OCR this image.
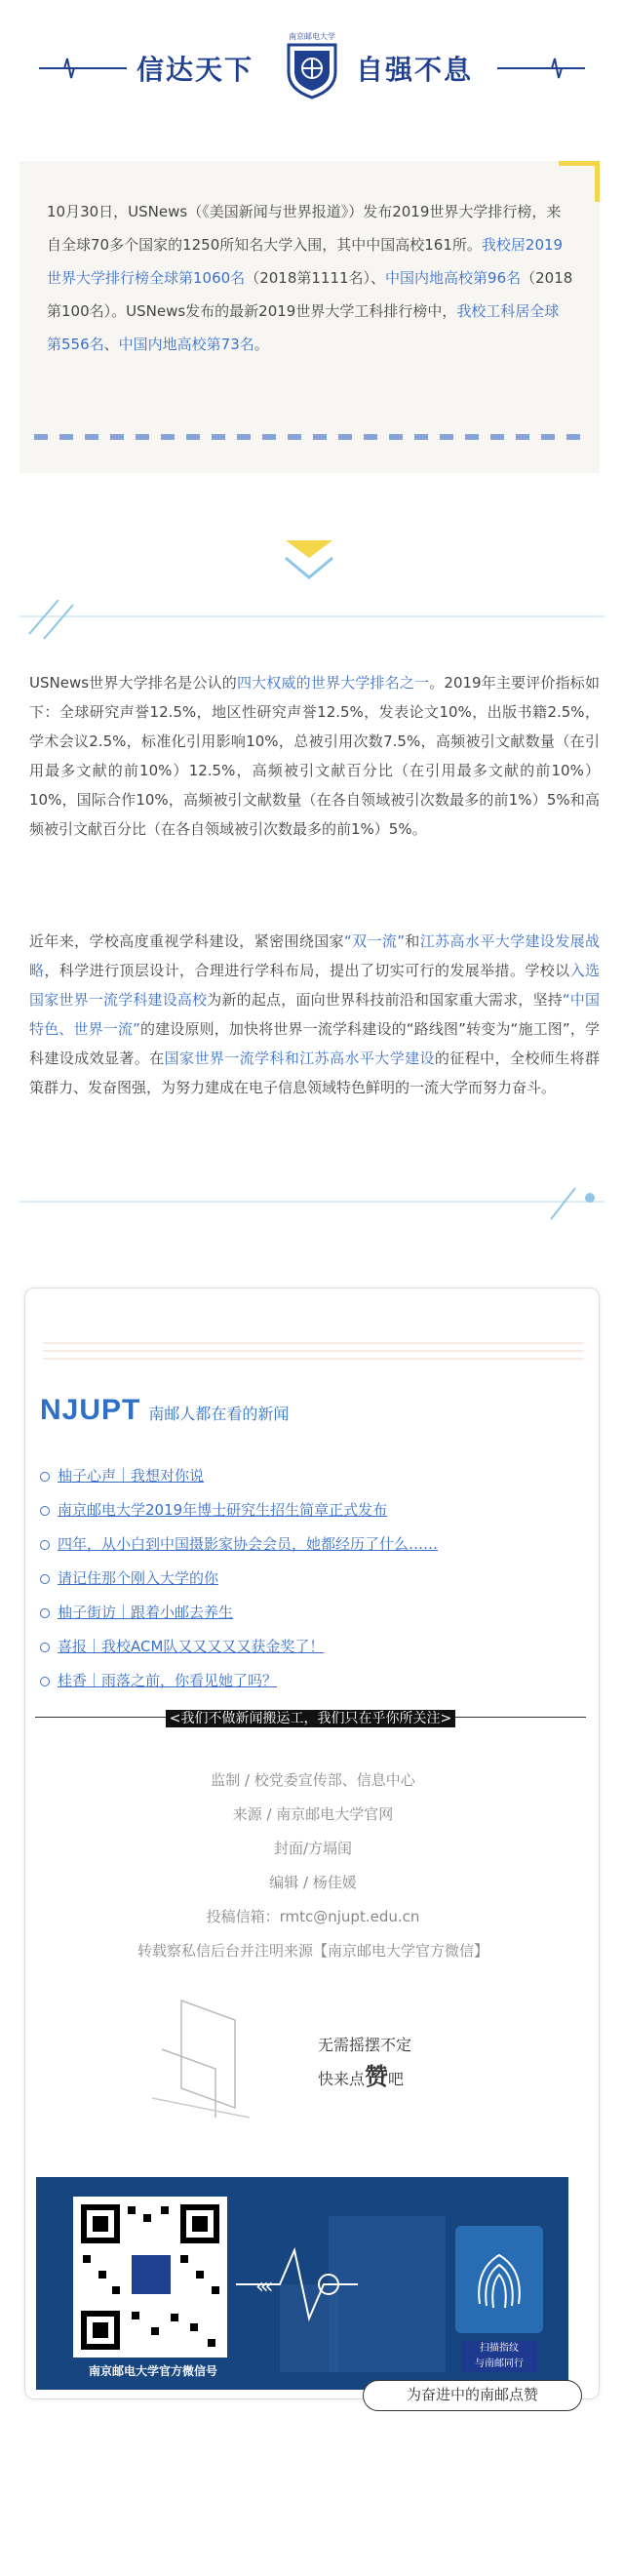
信达天下
南京邮电大学
自强不息

10月30日，USNews（《美国新闻与世界报道》）发布2019世界大学排行榜，来自全球70多个国家的1250所知名大学入围，其中中国高校161所。我校居2019世界大学排行榜全球第1060名（2018第1111名）、中国内地高校第96名（2018第100名）。USNews发布的最新2019世界大学工科排行榜中，我校工科居全球第556名、中国内地高校第73名。

USNews世界大学排名是公认的四大权威的世界大学排名之一。2019年主要评价指标如下：全球研究声誉12.5%，地区性研究声誉12.5%，发表论文10%，出版书籍2.5%，学术会议2.5%，标准化引用影响10%，总被引用次数7.5%，高频被引文献数量（在引用最多文献的前10%）12.5%，高频被引文献百分比（在引用最多文献的前10%）10%，国际合作10%，高频被引文献数量（在各自领域被引次数最多的前1%）5%和高频被引文献百分比（在各自领域被引次数最多的前1%）5%。
近年来，学校高度重视学科建设，紧密围绕国家“双一流”和江苏高水平大学建设发展战略，科学进行顶层设计，合理进行学科布局，提出了切实可行的发展举措。学校以入选国家世界一流学科建设高校为新的起点，面向世界科技前沿和国家重大需求，坚持“中国特色、世界一流”的建设原则，加快将世界一流学科建设的“路线图”转变为“施工图”，学科建设成效显著。在国家世界一流学科和江苏高水平大学建设的征程中，全校师生将群策群力、发奋图强，为努力建成在电子信息领域特色鲜明的一流大学而努力奋斗。
NJUPT 南邮人都在看的新闻
柚子心声｜我想对你说
南京邮电大学2019年博士研究生招生简章正式发布
四年，从小白到中国摄影家协会会员，她都经历了什么……
请记住那个刚入大学的你
柚子街访｜跟着小邮去养生
喜报｜我校ACM队又又又又又获金奖了！
桂香｜雨落之前，你看见她了吗？
<我们不做新闻搬运工，我们只在乎你所关注>
监制 / 校党委宣传部、信息中心
来源 / 南京邮电大学官网
封面/方塥闺
编辑 / 杨佳媛
投稿信箱：rmtc@njupt.edu.cn
转载察私信后台并注明来源【南京邮电大学官方微信】
无需摇摆不定
快来点赞吧
南京邮电大学官方微信号
‹‹‹
扫描指纹
与南邮同行
为奋进中的南邮点赞
